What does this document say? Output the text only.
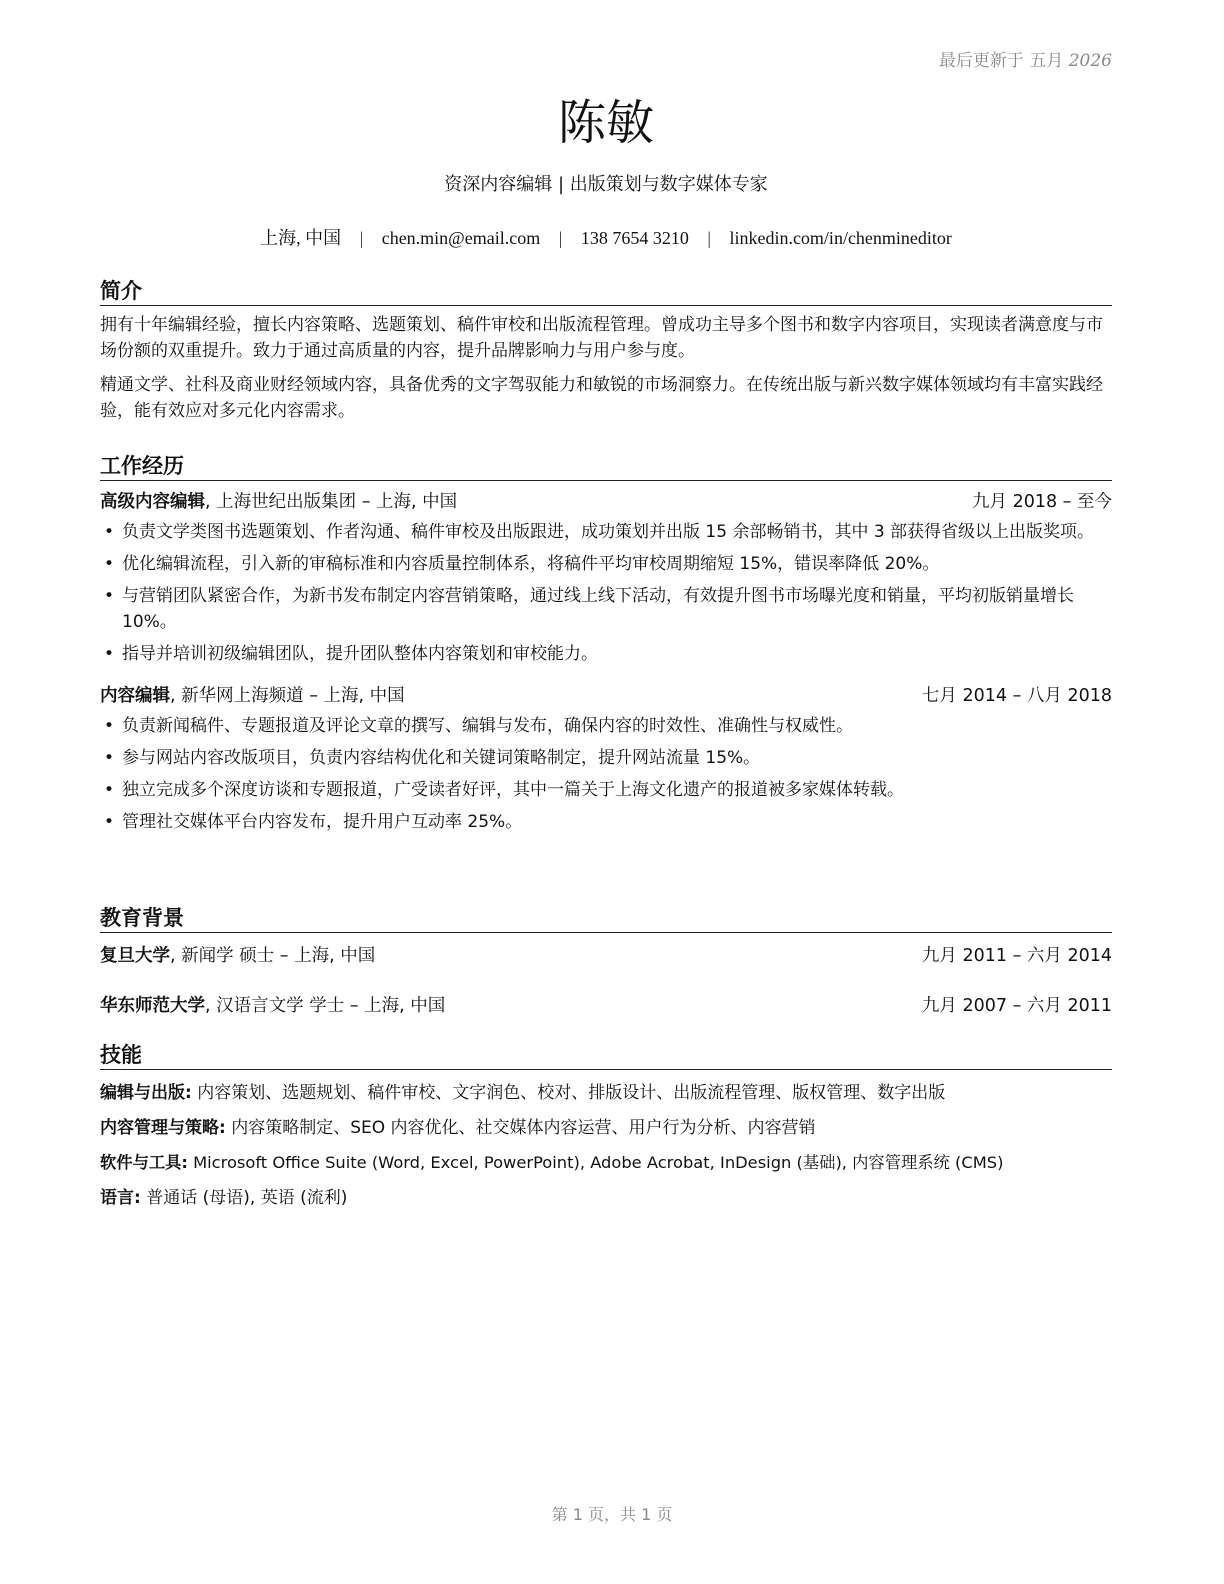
最后更新于 五月 2026
陈敏
资深内容编辑 | 出版策划与数字媒体专家
上海, 中国 | chen.min@email.com | 138 7654 3210 | linkedin.com/in/chenmineditor
简介

拥有十年编辑经验，擅长内容策略、选题策划、稿件审校和出版流程管理。曾成功主导多个图书和数字内容项目，实现读者满意度与市场份额的双重提升。致力于通过高质量的内容，提升品牌影响力与用户参与度。

精通文学、社科及商业财经领域内容，具备优秀的文字驾驭能力和敏锐的市场洞察力。在传统出版与新兴数字媒体领域均有丰富实践经验，能有效应对多元化内容需求。

工作经历
高级内容编辑, 上海世纪出版集团 – 上海, 中国	九月 2018 – 至今
• 负责文学类图书选题策划、作者沟通、稿件审校及出版跟进，成功策划并出版 15 余部畅销书，其中 3 部获得省级以上出版奖项。
• 优化编辑流程，引入新的审稿标准和内容质量控制体系，将稿件平均审校周期缩短 15%，错误率降低 20%。
• 与营销团队紧密合作，为新书发布制定内容营销策略，通过线上线下活动，有效提升图书市场曝光度和销量，平均初版销量增长 10%。
• 指导并培训初级编辑团队，提升团队整体内容策划和审校能力。
内容编辑, 新华网上海频道 – 上海, 中国	七月 2014 – 八月 2018
• 负责新闻稿件、专题报道及评论文章的撰写、编辑与发布，确保内容的时效性、准确性与权威性。
• 参与网站内容改版项目，负责内容结构优化和关键词策略制定，提升网站流量 15%。
• 独立完成多个深度访谈和专题报道，广受读者好评，其中一篇关于上海文化遗产的报道被多家媒体转载。
• 管理社交媒体平台内容发布，提升用户互动率 25%。
教育背景
复旦大学, 新闻学 硕士 – 上海, 中国	九月 2011 – 六月 2014
华东师范大学, 汉语言文学 学士 – 上海, 中国	九月 2007 – 六月 2011
技能
编辑与出版: 内容策划、选题规划、稿件审校、文字润色、校对、排版设计、出版流程管理、版权管理、数字出版
内容管理与策略: 内容策略制定、SEO 内容优化、社交媒体内容运营、用户行为分析、内容营销
软件与工具: Microsoft Office Suite (Word, Excel, PowerPoint), Adobe Acrobat, InDesign (基础), 内容管理系统 (CMS)
语言: 普通话 (母语), 英语 (流利)
第 1 页，共 1 页
